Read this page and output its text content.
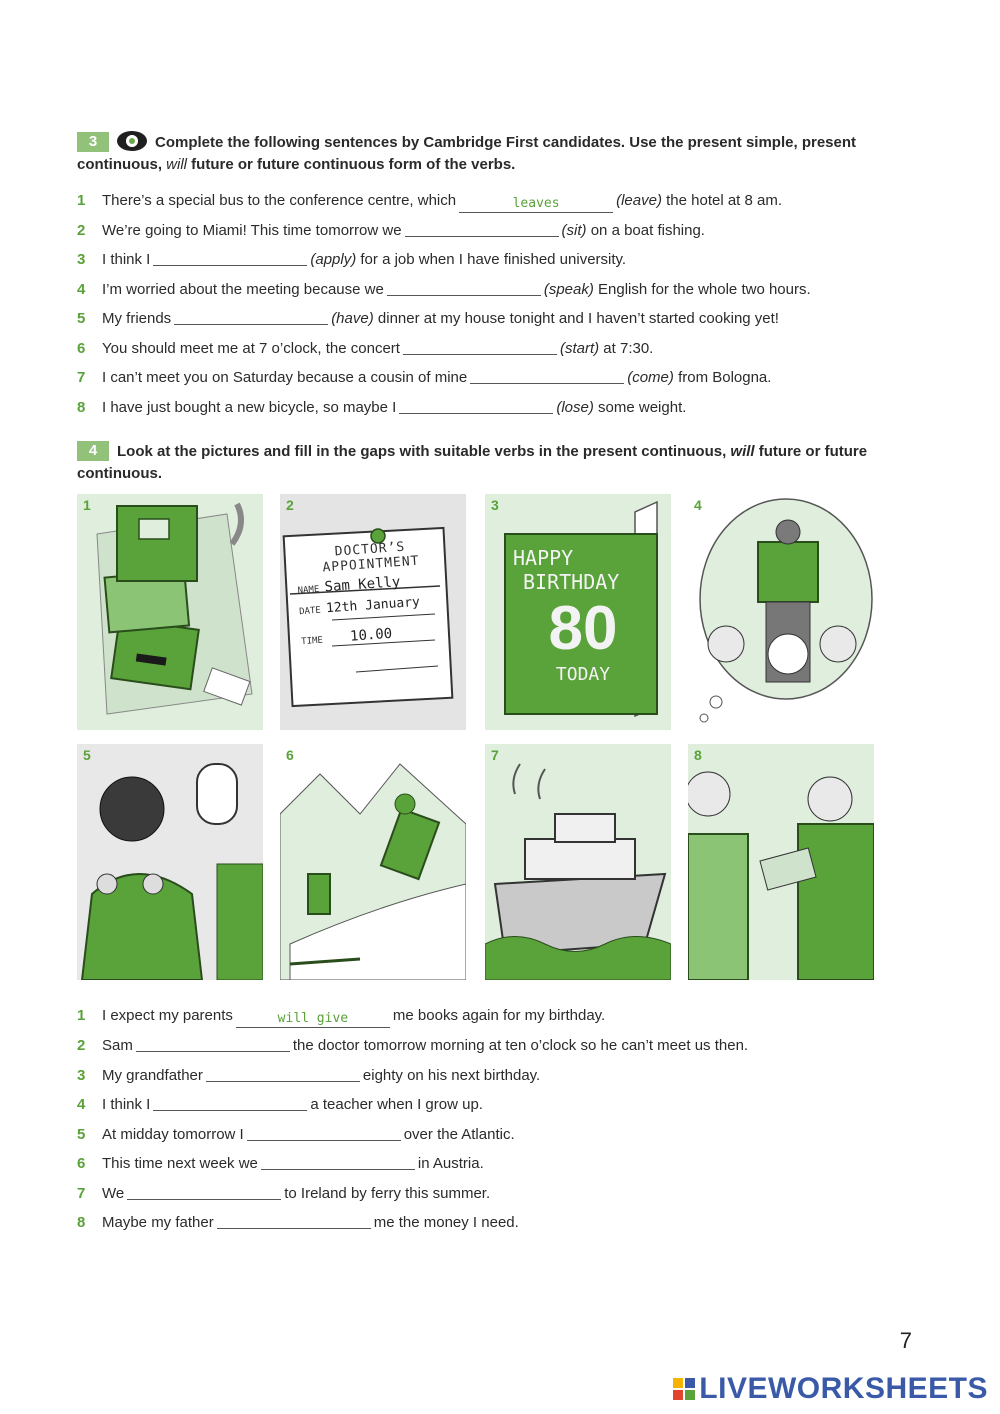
3	Complete the following sentences by Cambridge First candidates. Use the present simple, present continuous, will future or future continuous form of the verbs.
1 There’s a special bus to the conference centre, which	leaves	(leave) the hotel at 8 am.
2 We’re going to Miami! This time tomorrow we	(sit) on a boat fishing.
3 I think I	(apply) for a job when I have finished university.
4 I’m worried about the meeting because we	(speak) English for the whole two hours.
5 My friends	(have) dinner at my house tonight and I haven’t started cooking yet!
6 You should meet me at 7 o’clock, the concert	(start) at 7:30.
7 I can’t meet you on Saturday because a cousin of mine	(come) from Bologna.
8 I have just bought a new bicycle, so maybe I	(lose) some weight.
4 Look at the pictures and fill in the gaps with suitable verbs in the present continuous, will future or future continuous.
1	2
DOCTOR’S
APPOINTMENT
NAME Sam Kelly
DATE 12th January
TIME 10.00
3
HAPPY
BIRTHDAY
80
TODAY
4
5	6	7	8
1 I expect my parents	will give	me books again for my birthday.
2 Sam	the doctor tomorrow morning at ten o’clock so he can’t meet us then.
3 My grandfather	eighty on his next birthday.
4 I think I	a teacher when I grow up.
5 At midday tomorrow I	over the Atlantic.
6 This time next week we	in Austria.
7 We	to Ireland by ferry this summer.
8 Maybe my father	me the money I need.
7
LIVEWORKSHEETS
